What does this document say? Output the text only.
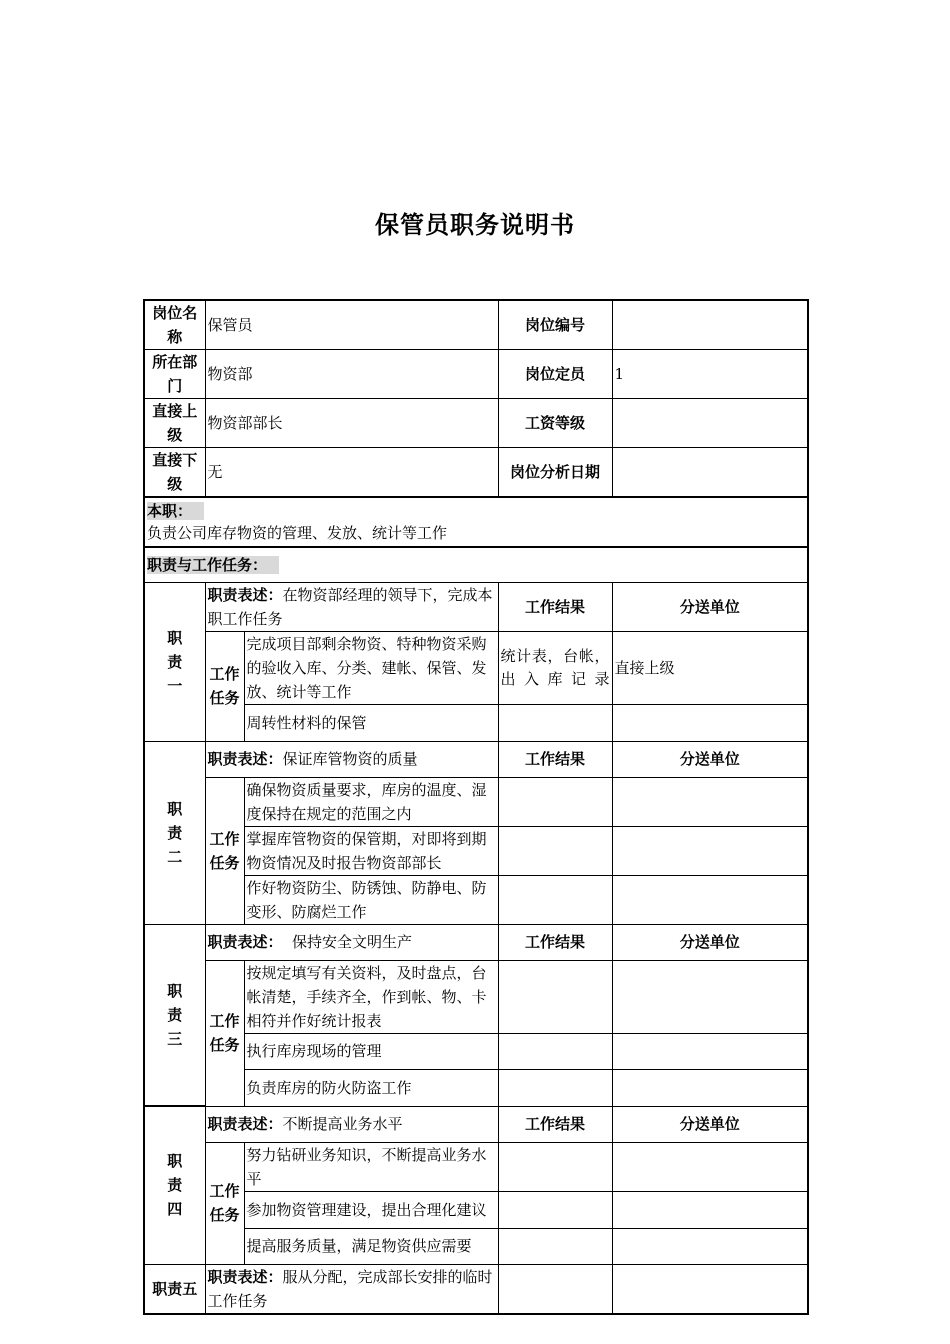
保管员职务说明书
岗位名称	保管员		岗位编号	
所在部门	物资部		岗位定员	1
直接上级	物资部部长		工资等级	
直接下级	无		岗位分析日期	
本职：
负责公司库存物资的管理、发放、统计等工作				
职责与工作任务：				

职
责
一	职责表述：在物资部经理的领导下，完成本职工作任务		工作结果	分送单位

	工作任务	完成项目部剩余物资、特种物资采购的验收入库、分类、建帐、保管、发放、统计等工作	统计表，台帐，出入库记录	直接上级
		周转性材料的保管		

职
责
二	职责表述：保证库管物资的质量		工作结果	分送单位

	工作任务	确保物资质量要求，库房的温度、湿度保持在规定的范围之内		
		掌握库管物资的保管期，对即将到期物资情况及时报告物资部部长		
		作好物资防尘、防锈蚀、防静电、防变形、防腐烂工作		

职
责
三	职责表述：  保持安全文明生产		工作结果	分送单位

	工作任务	按规定填写有关资料，及时盘点，台帐清楚，手续齐全，作到帐、物、卡相符并作好统计报表		
		执行库房现场的管理		
		负责库房的防火防盗工作		

职
责
四	职责表述：不断提高业务水平		工作结果	分送单位

	工作任务	努力钻研业务知识，不断提高业务水平		
		参加物资管理建设，提出合理化建议		
		提高服务质量，满足物资供应需要		
职责五	职责表述：服从分配，完成部长安排的临时工作任务			
